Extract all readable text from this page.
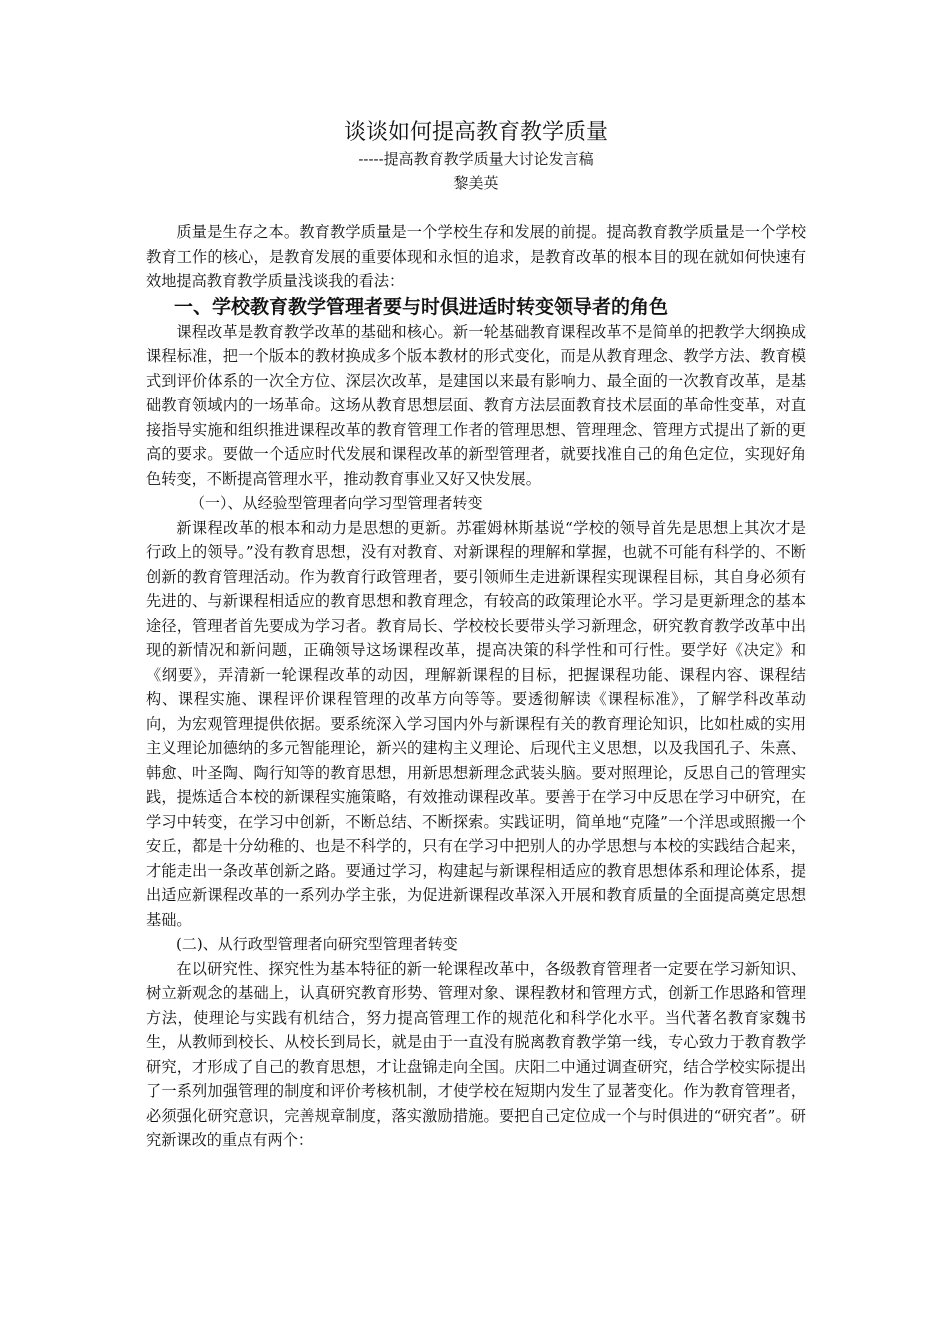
谈谈如何提高教育教学质量

-----提高教育教学质量大讨论发言稿

黎美英

质量是生存之本。教育教学质量是一个学校生存和发展的前提。提高教育教学质量是一个学校教育工作的核心，是教育发展的重要体现和永恒的追求，是教育改革的根本目的现在就如何快速有效地提高教育教学质量浅谈我的看法：

一、学校教育教学管理者要与时俱进适时转变领导者的角色

课程改革是教育教学改革的基础和核心。新一轮基础教育课程改革不是简单的把教学大纲换成课程标准，把一个版本的教材换成多个版本教材的形式变化，而是从教育理念、教学方法、教育模式到评价体系的一次全方位、深层次改革，是建国以来最有影响力、最全面的一次教育改革，是基础教育领域内的一场革命。这场从教育思想层面、教育方法层面教育技术层面的革命性变革，对直接指导实施和组织推进课程改革的教育管理工作者的管理思想、管理理念、管理方式提出了新的更高的要求。要做一个适应时代发展和课程改革的新型管理者，就要找准自己的角色定位，实现好角色转变，不断提高管理水平，推动教育事业又好又快发展。

（一）、从经验型管理者向学习型管理者转变

新课程改革的根本和动力是思想的更新。苏霍姆林斯基说“学校的领导首先是思想上其次才是行政上的领导。”没有教育思想，没有对教育、对新课程的理解和掌握，也就不可能有科学的、不断创新的教育管理活动。作为教育行政管理者，要引领师生走进新课程实现课程目标，其自身必须有先进的、与新课程相适应的教育思想和教育理念，有较高的政策理论水平。学习是更新理念的基本途径，管理者首先要成为学习者。教育局长、学校校长要带头学习新理念，研究教育教学改革中出现的新情况和新问题，正确领导这场课程改革，提高决策的科学性和可行性。要学好《决定》和《纲要》，弄清新一轮课程改革的动因，理解新课程的目标，把握课程功能、课程内容、课程结构、课程实施、课程评价课程管理的改革方向等等。要透彻解读《课程标准》，了解学科改革动向，为宏观管理提供依据。要系统深入学习国内外与新课程有关的教育理论知识，比如杜威的实用主义理论加德纳的多元智能理论，新兴的建构主义理论、后现代主义思想，以及我国孔子、朱熹、韩愈、叶圣陶、陶行知等的教育思想，用新思想新理念武装头脑。要对照理论，反思自己的管理实践，提炼适合本校的新课程实施策略，有效推动课程改革。要善于在学习中反思在学习中研究，在学习中转变，在学习中创新，不断总结、不断探索。实践证明，简单地“克隆”一个洋思或照搬一个安丘，都是十分幼稚的、也是不科学的，只有在学习中把别人的办学思想与本校的实践结合起来，才能走出一条改革创新之路。要通过学习，构建起与新课程相适应的教育思想体系和理论体系，提出适应新课程改革的一系列办学主张，为促进新课程改革深入开展和教育质量的全面提高奠定思想基础。

(二)、从行政型管理者向研究型管理者转变

在以研究性、探究性为基本特征的新一轮课程改革中，各级教育管理者一定要在学习新知识、树立新观念的基础上，认真研究教育形势、管理对象、课程教材和管理方式，创新工作思路和管理方法，使理论与实践有机结合，努力提高管理工作的规范化和科学化水平。当代著名教育家魏书生，从教师到校长、从校长到局长，就是由于一直没有脱离教育教学第一线，专心致力于教育教学研究，才形成了自己的教育思想，才让盘锦走向全国。庆阳二中通过调查研究，结合学校实际提出了一系列加强管理的制度和评价考核机制，才使学校在短期内发生了显著变化。作为教育管理者，必须强化研究意识，完善规章制度，落实激励措施。要把自己定位成一个与时俱进的“研究者”。研究新课改的重点有两个：
